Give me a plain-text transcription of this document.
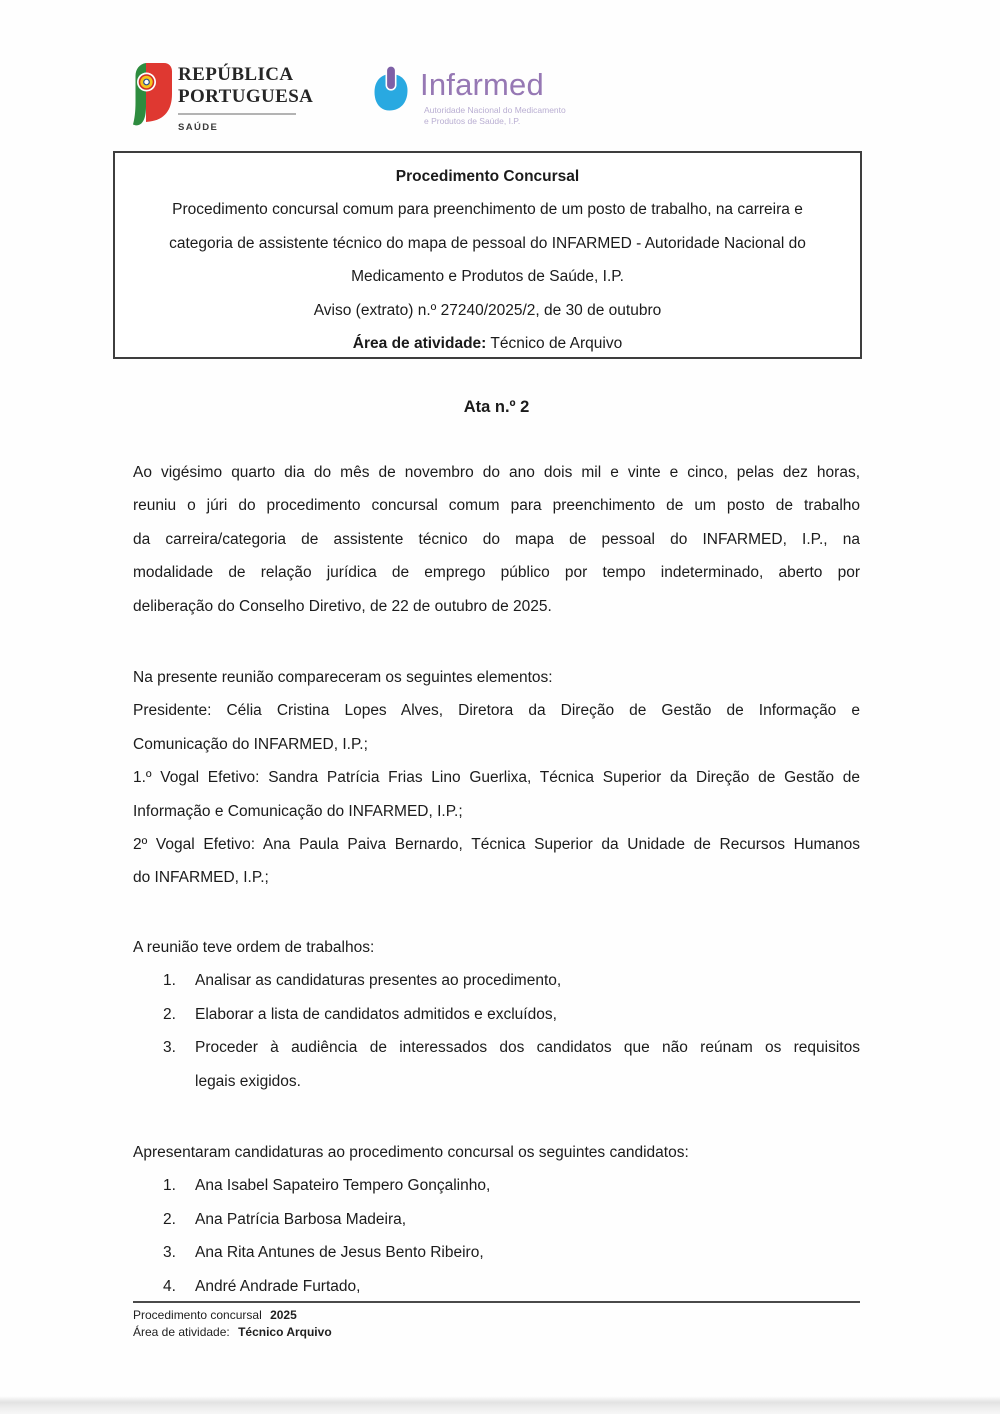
REPÚBLICA
PORTUGUESA
SAÚDE
Infarmed
Autoridade Nacional do Medicamento
e Produtos de Saúde, I.P.
Procedimento Concursal
Procedimento concursal comum para preenchimento de um posto de trabalho, na carreira e
categoria de assistente técnico do mapa de pessoal do INFARMED - Autoridade Nacional do
Medicamento e Produtos de Saúde, I.P.
Aviso (extrato) n.º 27240/2025/2, de 30 de outubro
Área de atividade: Técnico de Arquivo
Ata n.º 2
Ao vigésimo quarto dia do mês de novembro do ano dois mil e vinte e cinco, pelas dez horas,
reuniu o júri do procedimento concursal comum para preenchimento de um posto de trabalho
da carreira/categoria de assistente técnico do mapa de pessoal do INFARMED, I.P., na
modalidade de relação jurídica de emprego público por tempo indeterminado, aberto por
deliberação do Conselho Diretivo, de 22 de outubro de 2025.
Na presente reunião compareceram os seguintes elementos:
Presidente: Célia Cristina Lopes Alves, Diretora da Direção de Gestão de Informação e
Comunicação do INFARMED, I.P.;
1.º Vogal Efetivo: Sandra Patrícia Frias Lino Guerlixa, Técnica Superior da Direção de Gestão de
Informação e Comunicação do INFARMED, I.P.;
2º Vogal Efetivo: Ana Paula Paiva Bernardo, Técnica Superior da Unidade de Recursos Humanos
do INFARMED, I.P.;
A reunião teve ordem de trabalhos:
1.	Analisar as candidaturas presentes ao procedimento,
2.	Elaborar a lista de candidatos admitidos e excluídos,
3.	Proceder à audiência de interessados dos candidatos que não reúnam os requisitos
legais exigidos.
Apresentaram candidaturas ao procedimento concursal os seguintes candidatos:
1.	Ana Isabel Sapateiro Tempero Gonçalinho,
2.	Ana Patrícia Barbosa Madeira,
3.	Ana Rita Antunes de Jesus Bento Ribeiro,
4.	André Andrade Furtado,
Procedimento concursal 2025
Área de atividade: Técnico Arquivo
